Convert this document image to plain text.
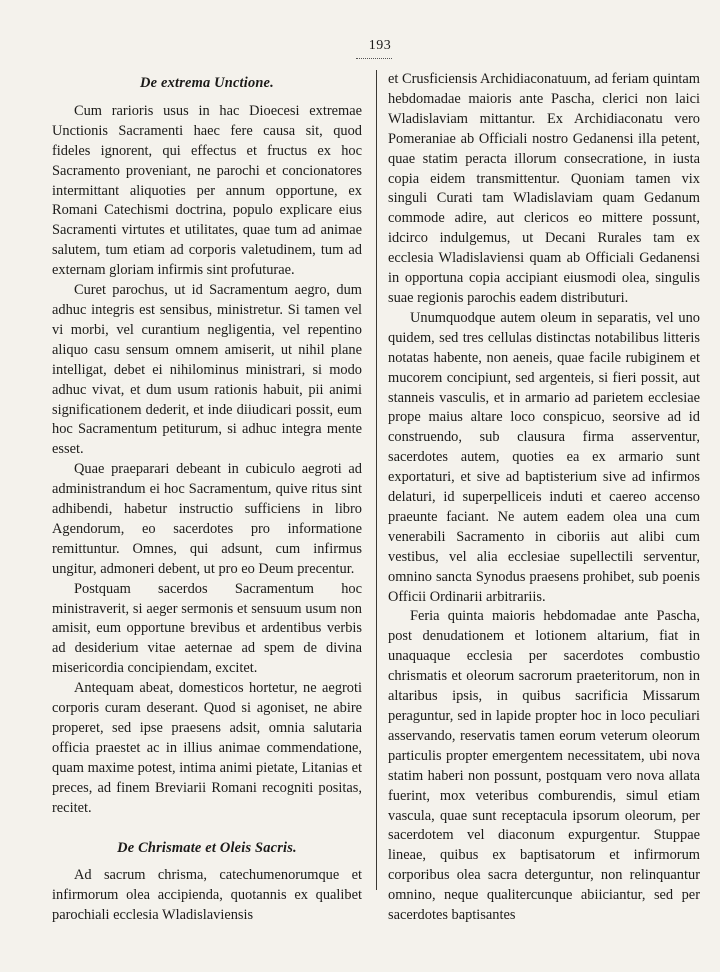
193
De extrema Unctione.

Cum rarioris usus in hac Dioecesi extremae Unctionis Sacramenti haec fere causa sit, quod fideles ignorent, qui effectus et fructus ex hoc Sacramento proveniant, ne parochi et concionatores intermittant aliquoties per annum opportune, ex Romani Catechismi doctrina, populo explicare eius Sacramenti virtutes et utilitates, quae tum ad animae salutem, tum etiam ad corporis valetudinem, tum ad externam gloriam infirmis sint profuturae.

Curet parochus, ut id Sacramentum aegro, dum adhuc integris est sensibus, ministretur. Si tamen vel vi morbi, vel curantium negligentia, vel repentino aliquo casu sensum omnem amiserit, ut nihil plane intelligat, debet ei nihilominus ministrari, si modo adhuc vivat, et dum usum rationis habuit, pii animi significationem dederit, et inde diiudicari possit, eum hoc Sacramentum petiturum, si adhuc integra mente esset.

Quae praeparari debeant in cubiculo aegroti ad administrandum ei hoc Sacramentum, quive ritus sint adhibendi, habetur instructio sufficiens in libro Agendorum, eo sacerdotes pro informatione remittuntur. Omnes, qui adsunt, cum infirmus ungitur, admoneri debent, ut pro eo Deum precentur.

Postquam sacerdos Sacramentum hoc ministraverit, si aeger sermonis et sensuum usum non amisit, eum opportune brevibus et ardentibus verbis ad desiderium vitae aeternae ad spem de divina misericordia concipiendam, excitet.

Antequam abeat, domesticos hortetur, ne aegroti corporis curam deserant. Quod si agoniset, ne abire properet, sed ipse praesens adsit, omnia salutaria officia praestet ac in illius animae commendatione, quam maxime potest, intima animi pietate, Litanias et preces, ad finem Breviarii Romani recogniti positas, recitet.

De Chrismate et Oleis Sacris.

Ad sacrum chrisma, catechumenorumque et infirmorum olea accipienda, quotannis ex qualibet parochiali ecclesia Wladislaviensis

et Crusficiensis Archidiaconatuum, ad feriam quintam hebdomadae maioris ante Pascha, clerici non laici Wladislaviam mittantur. Ex Archidiaconatu vero Pomeraniae ab Officiali nostro Gedanensi illa petent, quae statim peracta illorum consecratione, in iusta copia eidem transmittentur. Quoniam tamen vix singuli Curati tam Wladislaviam quam Gedanum commode adire, aut clericos eo mittere possunt, idcirco indulgemus, ut Decani Rurales tam ex ecclesia Wladislaviensi quam ab Officiali Gedanensi in opportuna copia accipiant eiusmodi olea, singulis suae regionis parochis eadem distributuri.

Unumquodque autem oleum in separatis, vel uno quidem, sed tres cellulas distinctas notabilibus litteris notatas habente, non aeneis, quae facile rubiginem et mucorem concipiunt, sed argenteis, si fieri possit, aut stanneis vasculis, et in armario ad parietem ecclesiae prope maius altare loco conspicuo, seorsive ad id construendo, sub clausura firma asserventur, sacerdotes autem, quoties ea ex armario sunt exportaturi, et sive ad baptisterium sive ad infirmos delaturi, id superpelliceis induti et caereo accenso praeunte faciant. Ne autem eadem olea una cum venerabili Sacramento in ciboriis aut alibi cum vestibus, vel alia ecclesiae supellectili serventur, omnino sancta Synodus praesens prohibet, sub poenis Officii Ordinarii arbitrariis.

Feria quinta maioris hebdomadae ante Pascha, post denudationem et lotionem altarium, fiat in unaquaque ecclesia per sacerdotes combustio chrismatis et oleorum sacrorum praeteritorum, non in altaribus ipsis, in quibus sacrificia Missarum peraguntur, sed in lapide propter hoc in loco peculiari asservando, reservatis tamen eorum veterum oleorum particulis propter emergentem necessitatem, ubi nova statim haberi non possunt, postquam vero nova allata fuerint, mox veteribus comburendis, simul etiam vascula, quae sunt receptacula ipsorum oleorum, per sacerdotem vel diaconum expurgentur. Stuppae lineae, quibus ex baptisatorum et infirmorum corporibus olea sacra deterguntur, non relinquantur omnino, neque qualitercunque abiiciantur, sed per sacerdotes baptisantes
